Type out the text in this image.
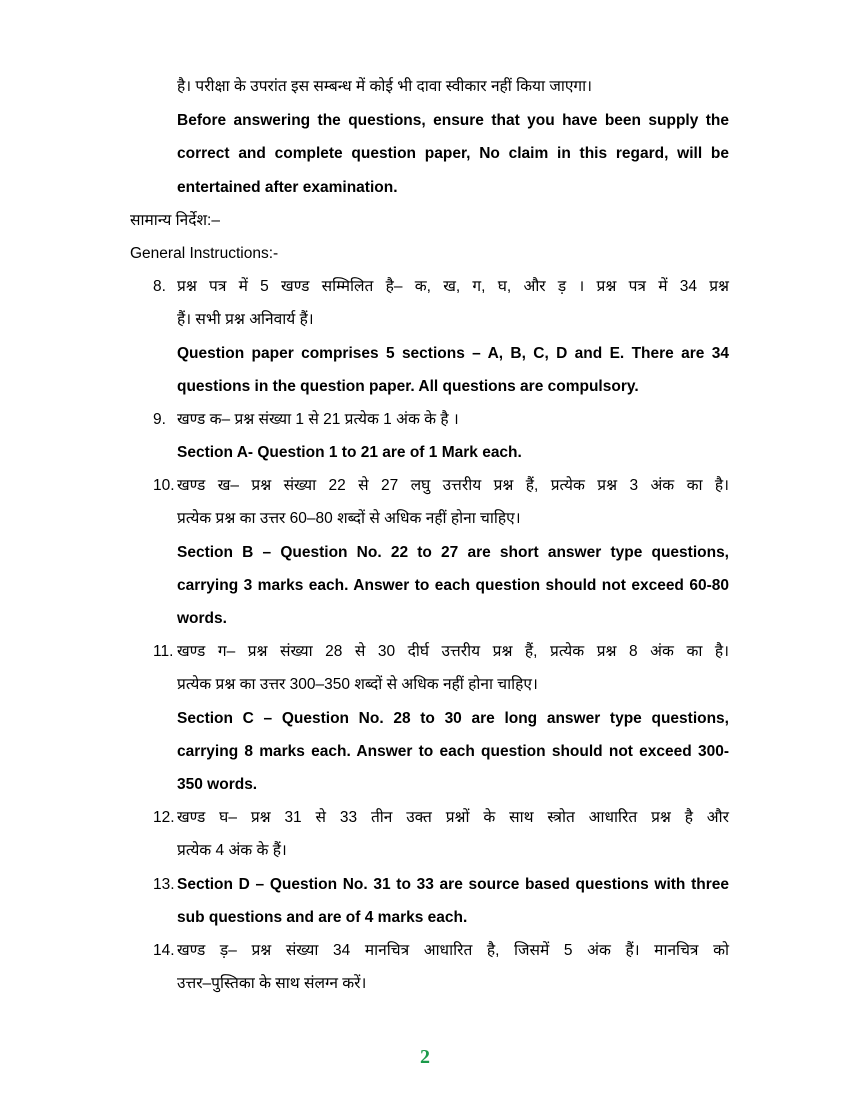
है। परीक्षा के उपरांत इस सम्बन्ध में कोई भी दावा स्वीकार नहीं किया जाएगा।
Before answering the questions, ensure that you have been supply the
correct and complete question paper, No claim in this regard, will be
entertained after examination.
सामान्य निर्देश:–
General Instructions:-
8. प्रश्न पत्र में 5 खण्ड सम्मिलित है– क, ख, ग, घ, और ड़ । प्रश्न पत्र में 34 प्रश्न
हैं। सभी प्रश्न अनिवार्य हैं।
Question paper comprises 5 sections – A, B, C, D and E. There are 34
questions in the question paper. All questions are compulsory.
9. खण्ड क– प्रश्न संख्या 1 से 21 प्रत्येक 1 अंक के है ।
Section A- Question 1 to 21 are of 1 Mark each.
10. खण्ड ख– प्रश्न संख्या 22 से 27 लघु उत्तरीय प्रश्न हैं, प्रत्येक प्रश्न 3 अंक का है।
प्रत्येक प्रश्न का उत्तर 60–80 शब्दों से अधिक नहीं होना चाहिए।
Section B – Question No. 22 to 27 are short answer type questions,
carrying 3 marks each. Answer to each question should not exceed 60-80
words.
11. खण्ड ग– प्रश्न संख्या 28 से 30 दीर्घ उत्तरीय प्रश्न हैं, प्रत्येक प्रश्न 8 अंक का है।
प्रत्येक प्रश्न का उत्तर 300–350 शब्दों से अधिक नहीं होना चाहिए।
Section C – Question No. 28 to 30 are long answer type questions,
carrying 8 marks each. Answer to each question should not exceed 300-
350 words.
12. खण्ड घ– प्रश्न 31 से 33 तीन उक्त प्रश्नों के साथ स्त्रोत आधारित प्रश्न है और
प्रत्येक 4 अंक के हैं।
13. Section D – Question No. 31 to 33 are source based questions with three
sub questions and are of 4 marks each.
14. खण्ड ड़– प्रश्न संख्या 34 मानचित्र आधारित है, जिसमें 5 अंक हैं। मानचित्र को
उत्तर–पुस्तिका के साथ संलग्न करें।
2
